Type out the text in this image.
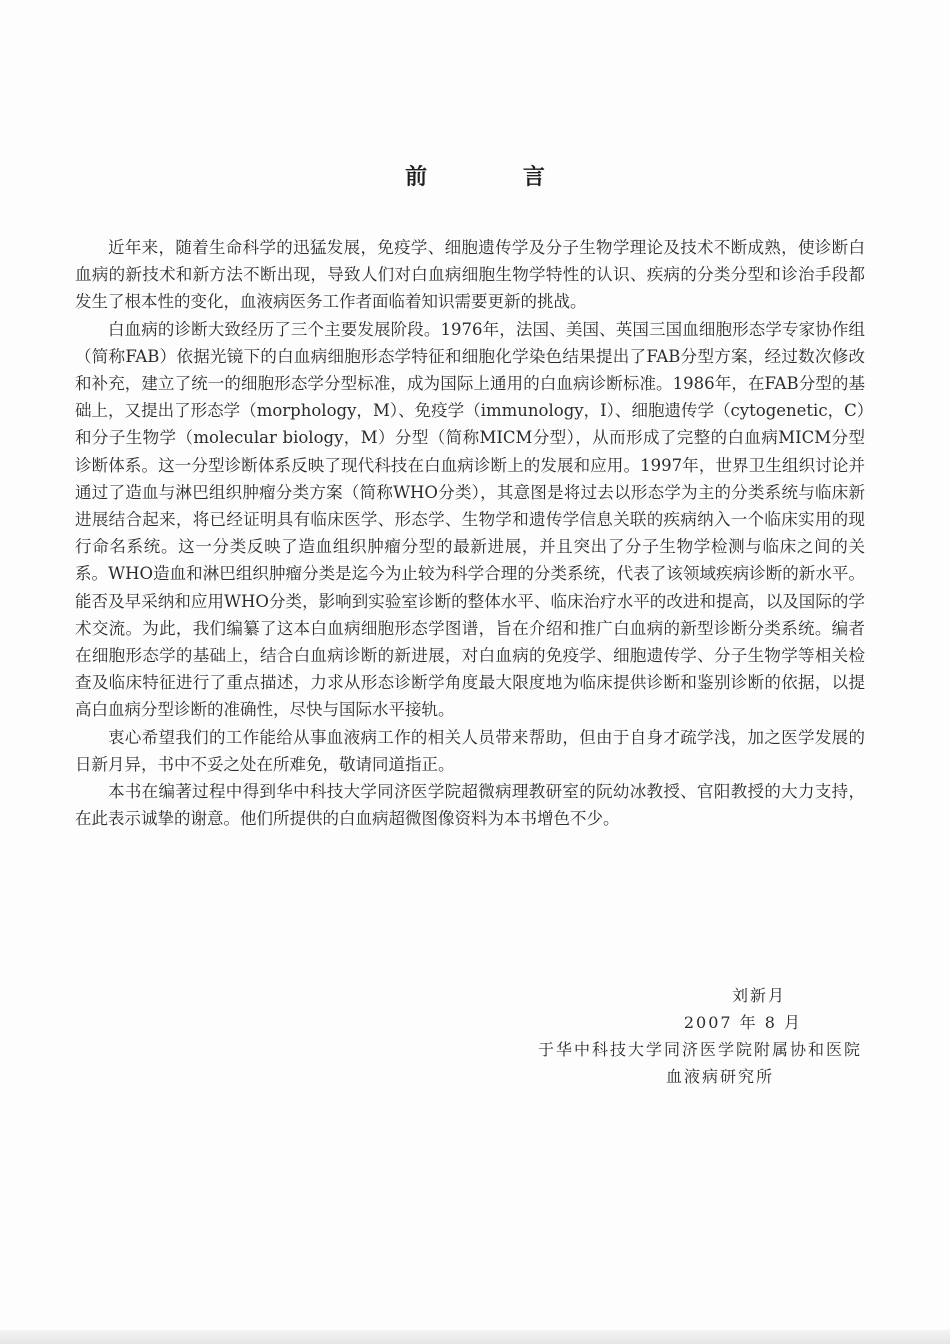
前 言

近年来，随着生命科学的迅猛发展，免疫学、细胞遗传学及分子生物学理论及技术不断成熟，使诊断白血病的新技术和新方法不断出现，导致人们对白血病细胞生物学特性的认识、疾病的分类分型和诊治手段都发生了根本性的变化，血液病医务工作者面临着知识需要更新的挑战。

白血病的诊断大致经历了三个主要发展阶段。1976年，法国、美国、英国三国血细胞形态学专家协作组（简称FAB）依据光镜下的白血病细胞形态学特征和细胞化学染色结果提出了FAB分型方案，经过数次修改和补充，建立了统一的细胞形态学分型标准，成为国际上通用的白血病诊断标准。1986年，在FAB分型的基础上，又提出了形态学（morphology，M）、免疫学（immunology，I）、细胞遗传学（cytogenetic，C）和分子生物学（molecular biology，M）分型（简称MICM分型），从而形成了完整的白血病MICM分型诊断体系。这一分型诊断体系反映了现代科技在白血病诊断上的发展和应用。1997年，世界卫生组织讨论并通过了造血与淋巴组织肿瘤分类方案（简称WHO分类），其意图是将过去以形态学为主的分类系统与临床新进展结合起来，将已经证明具有临床医学、形态学、生物学和遗传学信息关联的疾病纳入一个临床实用的现行命名系统。这一分类反映了造血组织肿瘤分型的最新进展，并且突出了分子生物学检测与临床之间的关系。WHO造血和淋巴组织肿瘤分类是迄今为止较为科学合理的分类系统，代表了该领域疾病诊断的新水平。能否及早采纳和应用WHO分类，影响到实验室诊断的整体水平、临床治疗水平的改进和提高，以及国际的学术交流。为此，我们编纂了这本白血病细胞形态学图谱，旨在介绍和推广白血病的新型诊断分类系统。编者在细胞形态学的基础上，结合白血病诊断的新进展，对白血病的免疫学、细胞遗传学、分子生物学等相关检查及临床特征进行了重点描述，力求从形态诊断学角度最大限度地为临床提供诊断和鉴别诊断的依据，以提高白血病分型诊断的准确性，尽快与国际水平接轨。

衷心希望我们的工作能给从事血液病工作的相关人员带来帮助，但由于自身才疏学浅，加之医学发展的日新月异，书中不妥之处在所难免，敬请同道指正。

本书在编著过程中得到华中科技大学同济医学院超微病理教研室的阮幼冰教授、官阳教授的大力支持，在此表示诚挚的谢意。他们所提供的白血病超微图像资料为本书增色不少。

刘新月
2007 年 8 月
于华中科技大学同济医学院附属协和医院
血液病研究所
